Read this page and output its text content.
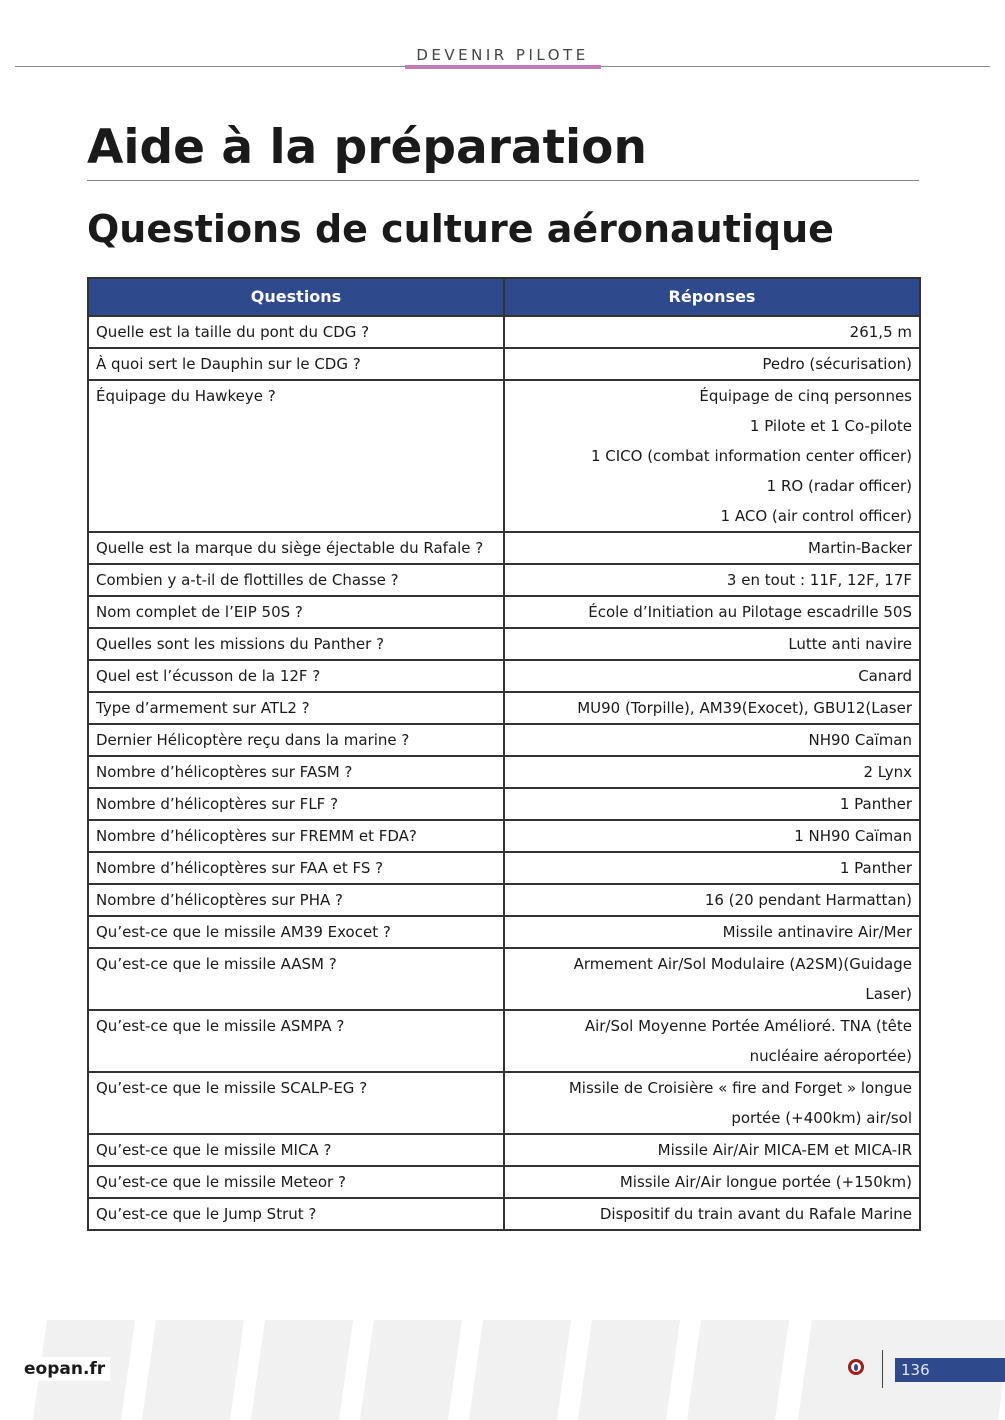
DEVENIR PILOTE
Aide à la préparation
Questions de culture aéronautique
Questions	Réponses
Quelle est la taille du pont du CDG ?	261,5 m

À quoi sert le Dauphin sur le CDG ?	Pedro (sécurisation)

Équipage du Hawkeye ?	Équipage de cinq personnes
1 Pilote et 1 Co-pilote
1 CICO (combat information center officer)
1 RO (radar officer)
1 ACO (air control officer)

Quelle est la marque du siège éjectable du Rafale ?	Martin-Backer

Combien y a-t-il de flottilles de Chasse ?	3 en tout : 11F, 12F, 17F

Nom complet de l’EIP 50S ?	École d’Initiation au Pilotage escadrille 50S

Quelles sont les missions du Panther ?	Lutte anti navire

Quel est l’écusson de la 12F ?	Canard

Type d’armement sur ATL2 ?	MU90 (Torpille), AM39(Exocet), GBU12(Laser

Dernier Hélicoptère reçu dans la marine ?	NH90 Caïman

Nombre d’hélicoptères sur FASM ?	2 Lynx

Nombre d’hélicoptères sur FLF ?	1 Panther

Nombre d’hélicoptères sur FREMM et FDA?	1 NH90 Caïman

Nombre d’hélicoptères sur FAA et FS ?	1 Panther

Nombre d’hélicoptères sur PHA ?	16 (20 pendant Harmattan)

Qu’est-ce que le missile AM39 Exocet ?	Missile antinavire Air/Mer

Qu’est-ce que le missile AASM ?	Armement Air/Sol Modulaire (A2SM)(Guidage
Laser)

Qu’est-ce que le missile ASMPA ?	Air/Sol Moyenne Portée Amélioré. TNA (tête
nucléaire aéroportée)

Qu’est-ce que le missile SCALP-EG ?	Missile de Croisière « fire and Forget » longue
portée (+400km) air/sol

Qu’est-ce que le missile MICA ?	Missile Air/Air MICA-EM et MICA-IR

Qu’est-ce que le missile Meteor ?	Missile Air/Air longue portée (+150km)

Qu’est-ce que le Jump Strut ?	Dispositif du train avant du Rafale Marine
eopan.fr	136
